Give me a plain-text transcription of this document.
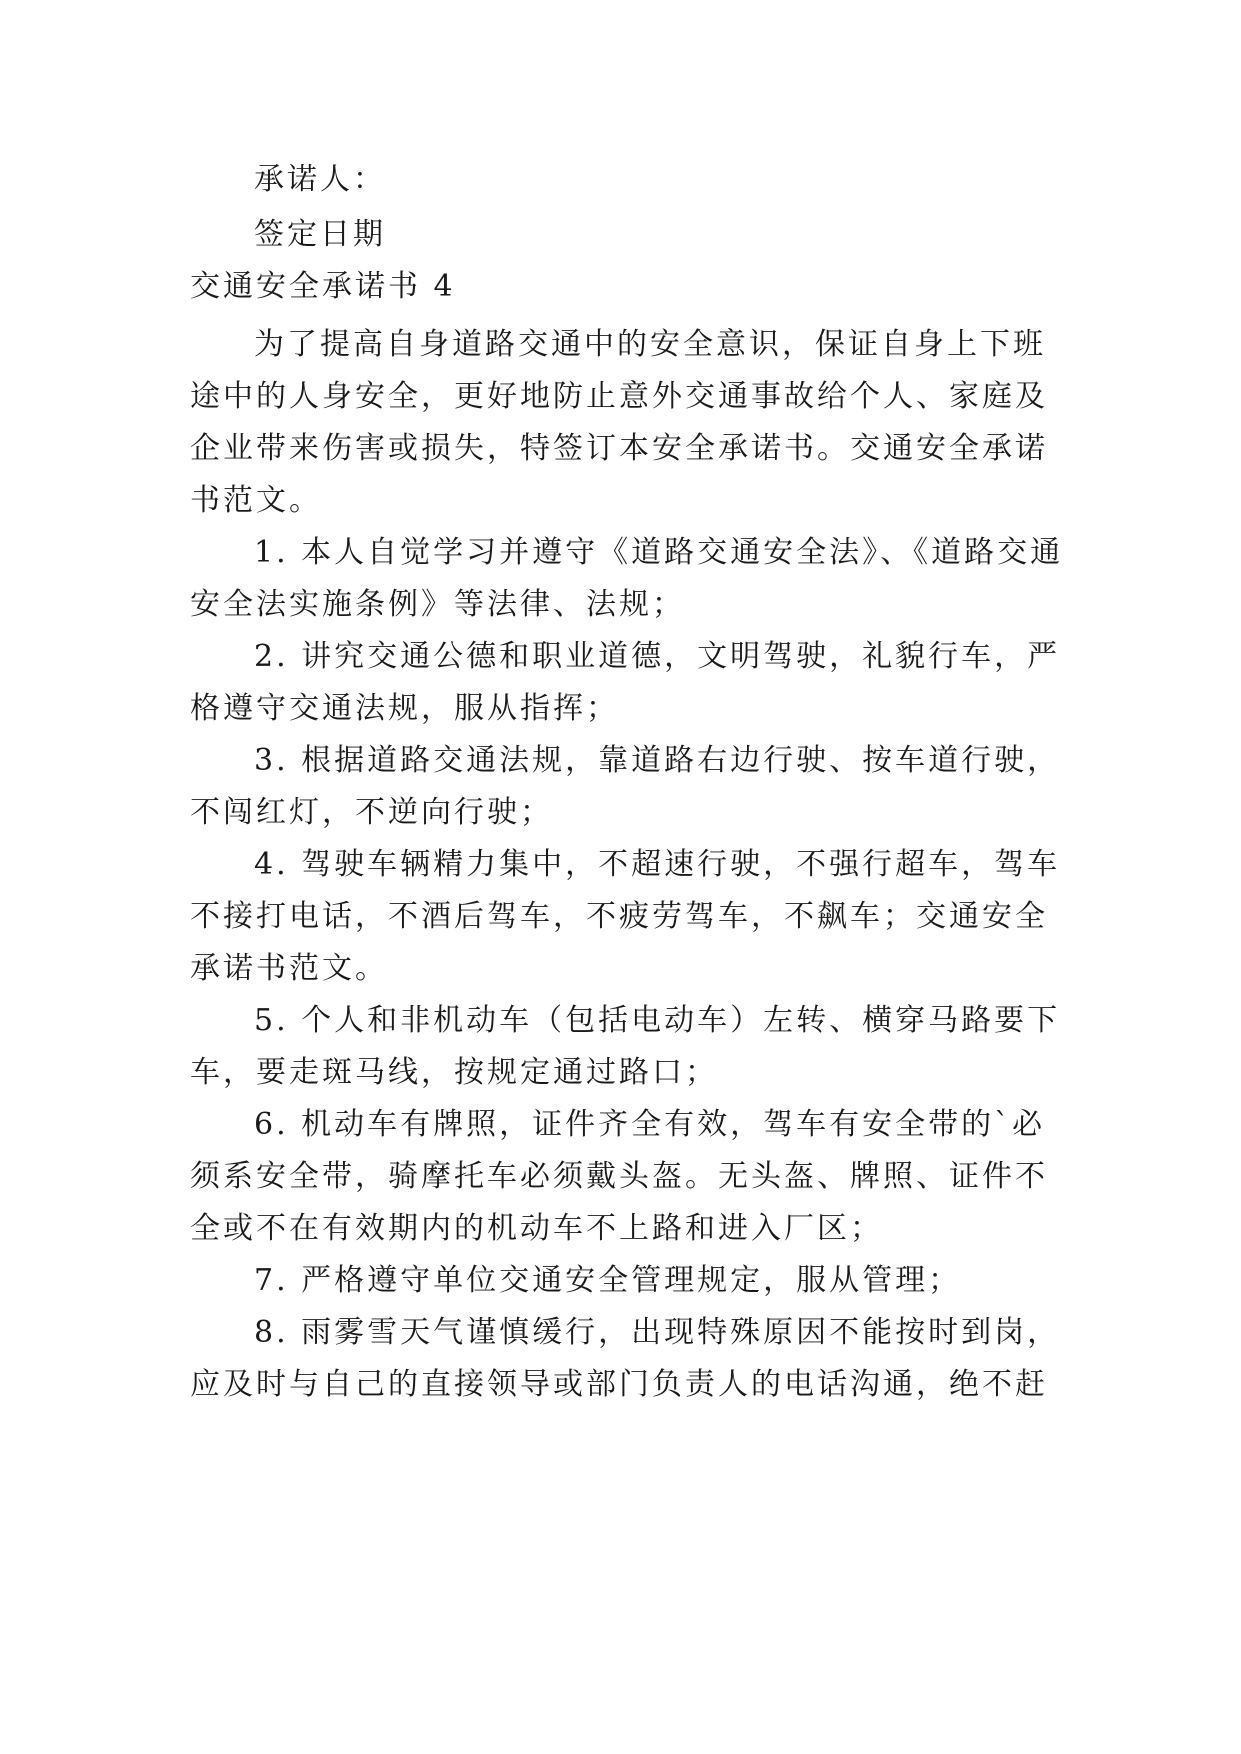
承诺人：
签定日期
交通安全承诺书 4
为了提高自身道路交通中的安全意识，保证自身上下班
途中的人身安全，更好地防止意外交通事故给个人、家庭及
企业带来伤害或损失，特签订本安全承诺书。交通安全承诺
书范文。
1. 本人自觉学习并遵守《道路交通安全法》、《道路交通
安全法实施条例》等法律、法规；
2. 讲究交通公德和职业道德，文明驾驶，礼貌行车，严
格遵守交通法规，服从指挥；
3. 根据道路交通法规，靠道路右边行驶、按车道行驶，
不闯红灯，不逆向行驶；
4. 驾驶车辆精力集中，不超速行驶，不强行超车，驾车
不接打电话，不酒后驾车，不疲劳驾车，不飙车；交通安全
承诺书范文。
5. 个人和非机动车（包括电动车）左转、横穿马路要下
车，要走斑马线，按规定通过路口；
6. 机动车有牌照，证件齐全有效，驾车有安全带的`必
须系安全带，骑摩托车必须戴头盔。无头盔、牌照、证件不
全或不在有效期内的机动车不上路和进入厂区；
7. 严格遵守单位交通安全管理规定，服从管理；
8. 雨雾雪天气谨慎缓行，出现特殊原因不能按时到岗，
应及时与自己的直接领导或部门负责人的电话沟通，绝不赶
